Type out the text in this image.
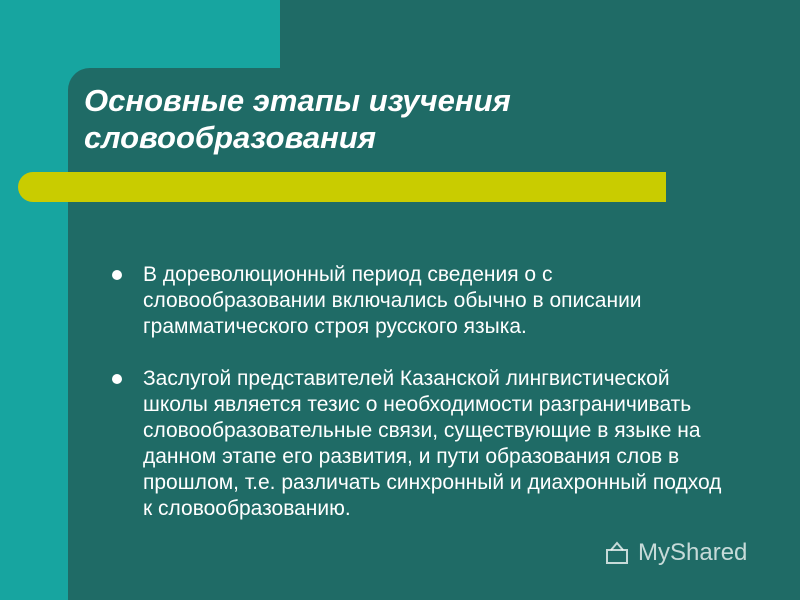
Основные этапы изучения словообразования
В дореволюционный период сведения о с словообразовании включались обычно в описании грамматического строя русского языка.
Заслугой представителей Казанской лингвистической школы является тезис о необходимости разграничивать словообразовательные связи, существующие в языке на данном этапе его развития, и пути образования слов в прошлом, т.е. различать синхронный и диахронный подход к словообразованию.
MyShared
